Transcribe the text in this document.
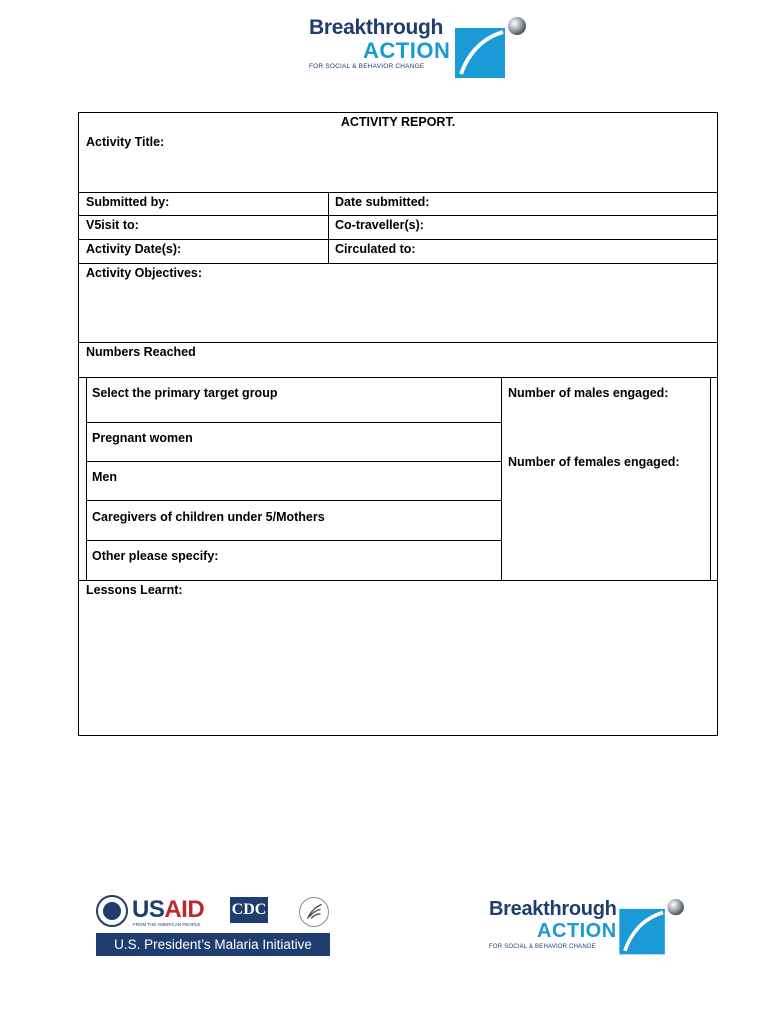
Breakthrough
ACTION
FOR SOCIAL & BEHAVIOR CHANGE
ACTIVITY REPORT.
Activity Title:
Submitted by:	Date submitted:
V5isit to:	Co-traveller(s):
Activity Date(s):	Circulated to:
Activity Objectives:
Numbers Reached
Select the primary target group
Pregnant women
Men
Caregivers of children under 5/Mothers
Other please specify:
Number of males engaged:
Number of females engaged:
Lessons Learnt:
USAID
FROM THE AMERICAN PEOPLE
CDC
U.S. President’s Malaria Initiative
Breakthrough
ACTION
FOR SOCIAL & BEHAVIOR CHANGE
